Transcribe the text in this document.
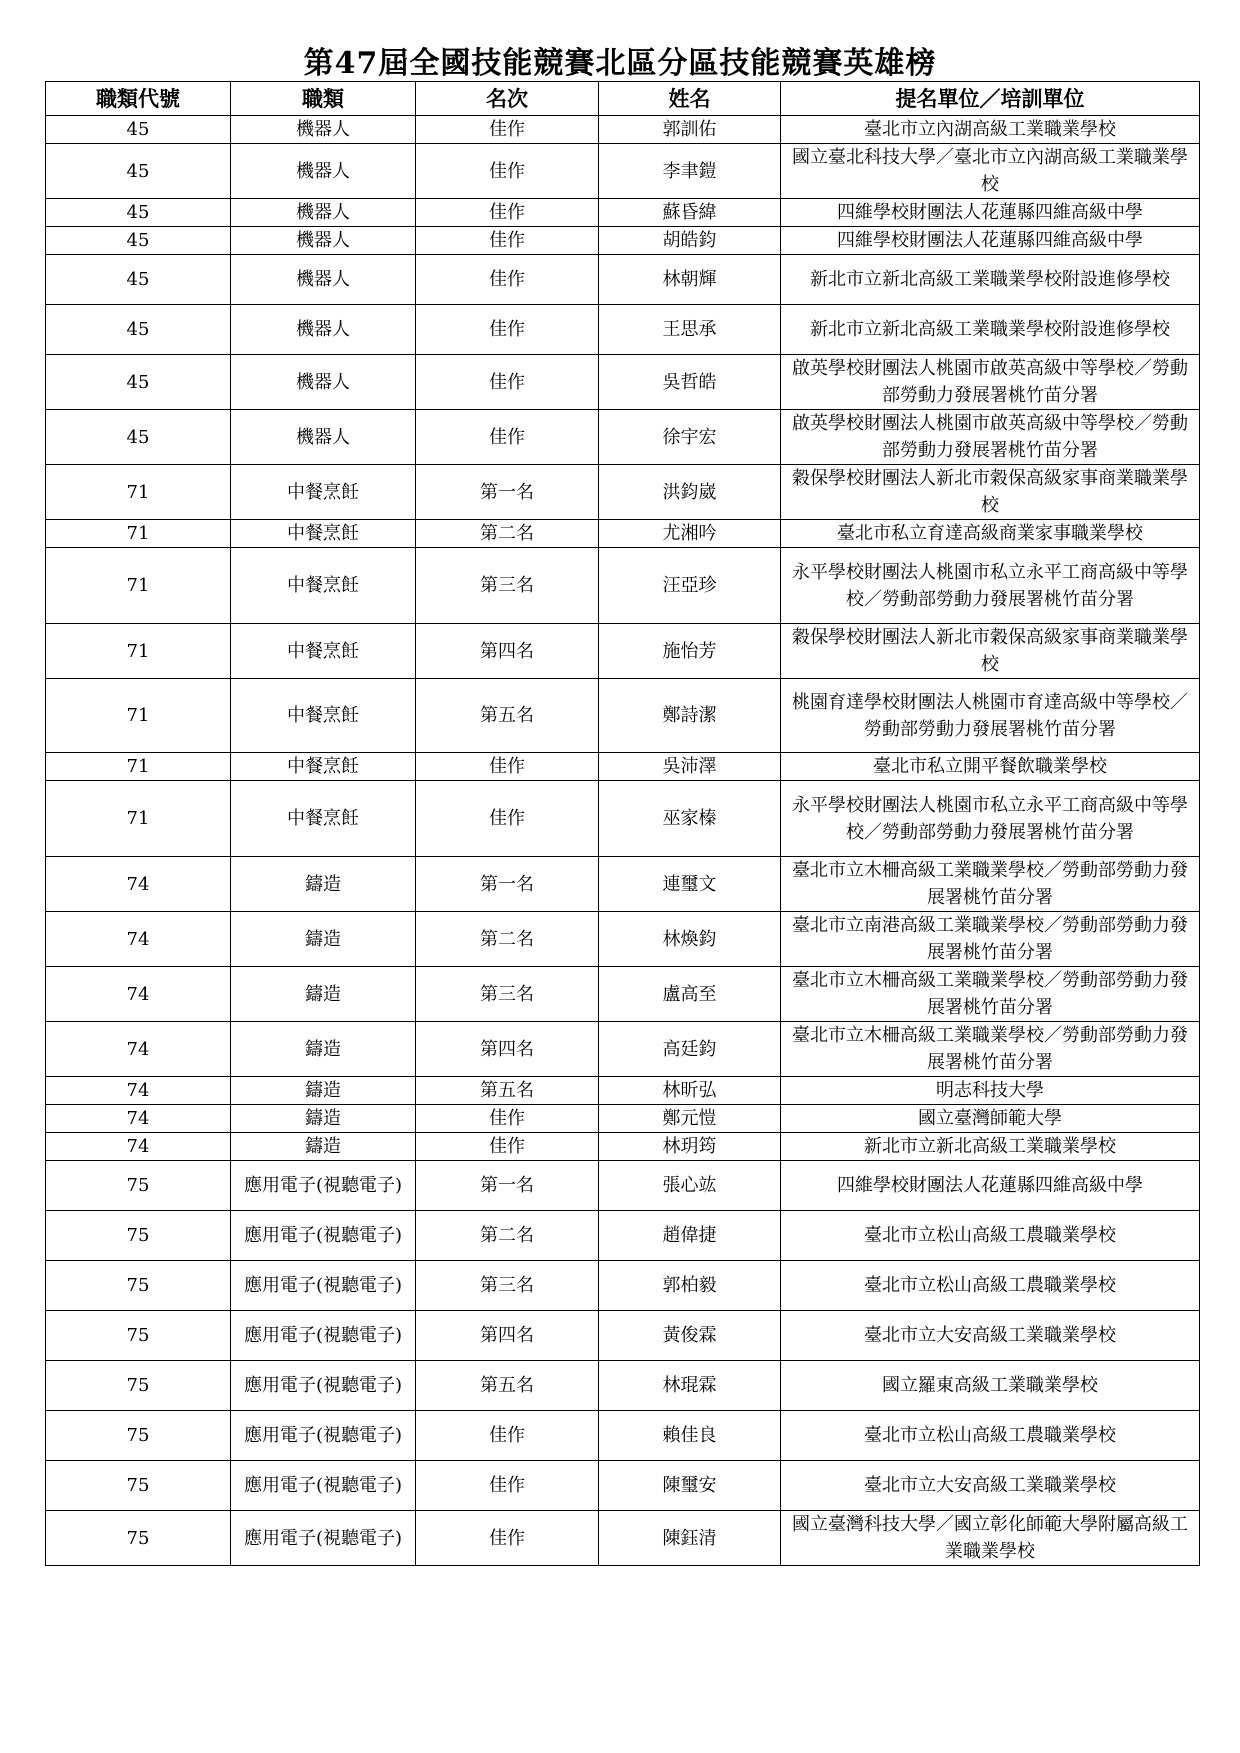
第47屆全國技能競賽北區分區技能競賽英雄榜
職類代號	職類	名次	姓名	提名單位／培訓單位
45	機器人	佳作	郭訓佑	臺北市立內湖高級工業職業學校
45	機器人	佳作	李聿鎧	國立臺北科技大學／臺北市立內湖高級工業職業學校
45	機器人	佳作	蘇昏緯	四維學校財團法人花蓮縣四維高級中學
45	機器人	佳作	胡皓鈞	四維學校財團法人花蓮縣四維高級中學
45	機器人	佳作	林朝輝	新北市立新北高級工業職業學校附設進修學校
45	機器人	佳作	王思承	新北市立新北高級工業職業學校附設進修學校
45	機器人	佳作	吳哲皓	啟英學校財團法人桃園市啟英高級中等學校／勞動部勞動力發展署桃竹苗分署
45	機器人	佳作	徐宇宏	啟英學校財團法人桃園市啟英高級中等學校／勞動部勞動力發展署桃竹苗分署
71	中餐烹飪	第一名	洪鈞崴	穀保學校財團法人新北市穀保高級家事商業職業學校
71	中餐烹飪	第二名	尤湘吟	臺北市私立育達高級商業家事職業學校
71	中餐烹飪	第三名	汪亞珍	永平學校財團法人桃園市私立永平工商高級中等學校／勞動部勞動力發展署桃竹苗分署
71	中餐烹飪	第四名	施怡芳	穀保學校財團法人新北市穀保高級家事商業職業學校
71	中餐烹飪	第五名	鄭詩潔	桃園育達學校財團法人桃園市育達高級中等學校／勞動部勞動力發展署桃竹苗分署
71	中餐烹飪	佳作	吳沛澤	臺北市私立開平餐飲職業學校
71	中餐烹飪	佳作	巫家榛	永平學校財團法人桃園市私立永平工商高級中等學校／勞動部勞動力發展署桃竹苗分署
74	鑄造	第一名	連璽文	臺北市立木柵高級工業職業學校／勞動部勞動力發展署桃竹苗分署
74	鑄造	第二名	林煥鈞	臺北市立南港高級工業職業學校／勞動部勞動力發展署桃竹苗分署
74	鑄造	第三名	盧高至	臺北市立木柵高級工業職業學校／勞動部勞動力發展署桃竹苗分署
74	鑄造	第四名	高廷鈞	臺北市立木柵高級工業職業學校／勞動部勞動力發展署桃竹苗分署
74	鑄造	第五名	林昕弘	明志科技大學
74	鑄造	佳作	鄭元愷	國立臺灣師範大學
74	鑄造	佳作	林玥筠	新北市立新北高級工業職業學校
75	應用電子(視聽電子)	第一名	張心竑	四維學校財團法人花蓮縣四維高級中學
75	應用電子(視聽電子)	第二名	趙偉捷	臺北市立松山高級工農職業學校
75	應用電子(視聽電子)	第三名	郭柏毅	臺北市立松山高級工農職業學校
75	應用電子(視聽電子)	第四名	黃俊霖	臺北市立大安高級工業職業學校
75	應用電子(視聽電子)	第五名	林琨霖	國立羅東高級工業職業學校
75	應用電子(視聽電子)	佳作	賴佳良	臺北市立松山高級工農職業學校
75	應用電子(視聽電子)	佳作	陳璽安	臺北市立大安高級工業職業學校
75	應用電子(視聽電子)	佳作	陳鈺清	國立臺灣科技大學／國立彰化師範大學附屬高級工業職業學校
